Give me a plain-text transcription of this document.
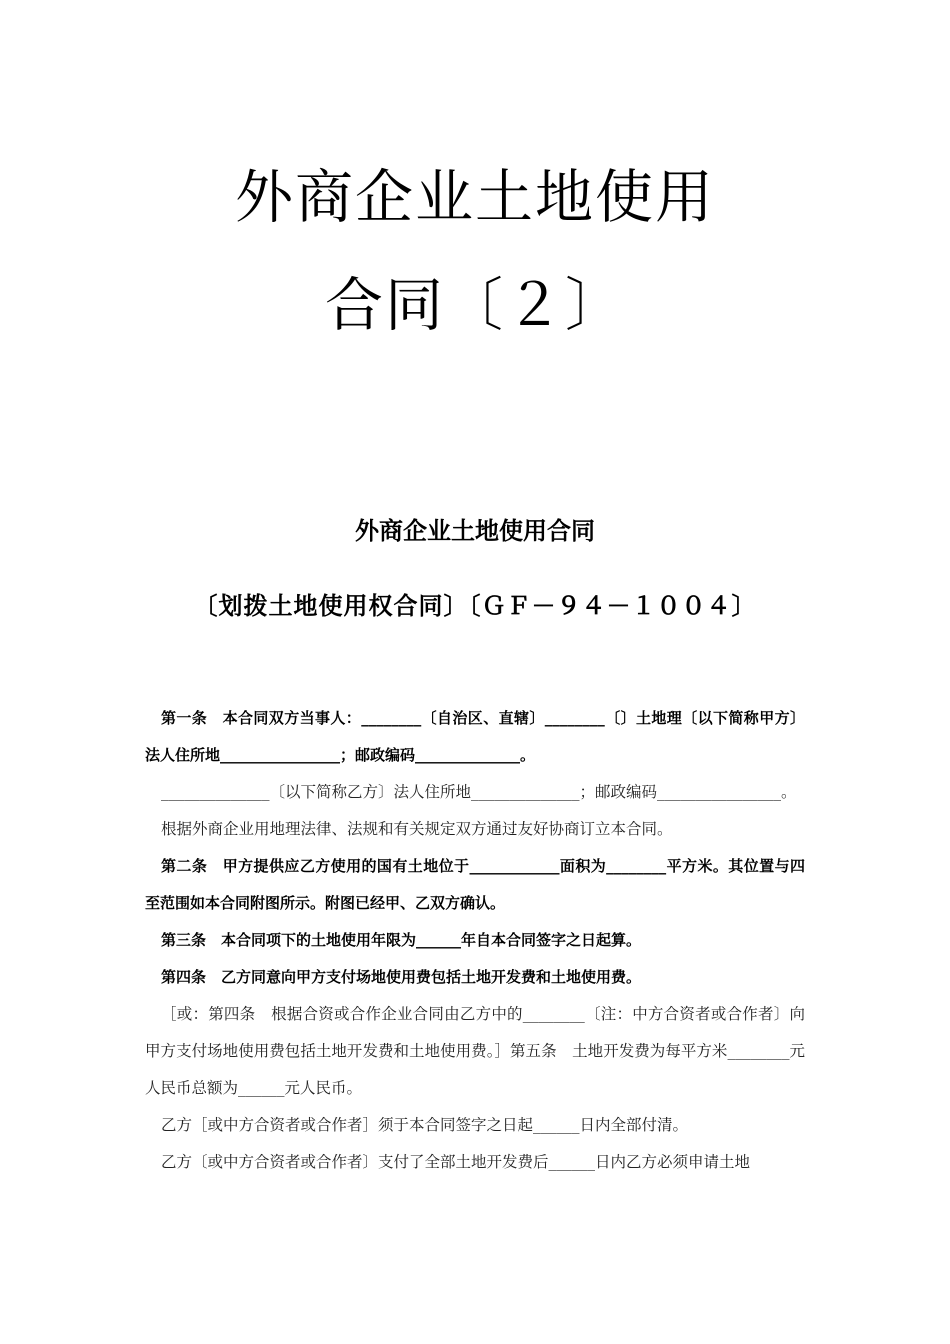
外商企业土地使用
合同〔２〕
外商企业土地使用合同
〔划拨土地使用权合同〕〔ＧＦ－９４－１００４〕

第一条　本合同双方当事人：________〔自治区、直辖〕________〔〕土地理〔以下简称甲方〕法人住所地________________；邮政编码______________。

______________〔以下简称乙方〕法人住所地______________；邮政编码________________。

根据外商企业用地理法律、法规和有关规定双方通过友好协商订立本合同。

第二条　甲方提供应乙方使用的国有土地位于____________面积为________平方米。其位置与四至范围如本合同附图所示。附图已经甲、乙双方确认。

第三条　本合同项下的土地使用年限为______年自本合同签字之日起算。

第四条　乙方同意向甲方支付场地使用费包括土地开发费和土地使用费。

［或：第四条　根据合资或合作企业合同由乙方中的________〔注：中方合资者或合作者〕向甲方支付场地使用费包括土地开发费和土地使用费。］第五条　土地开发费为每平方米________元人民币总额为______元人民币。

乙方［或中方合资者或合作者］须于本合同签字之日起______日内全部付清。

乙方〔或中方合资者或合作者〕支付了全部土地开发费后______日内乙方必须申请土地
